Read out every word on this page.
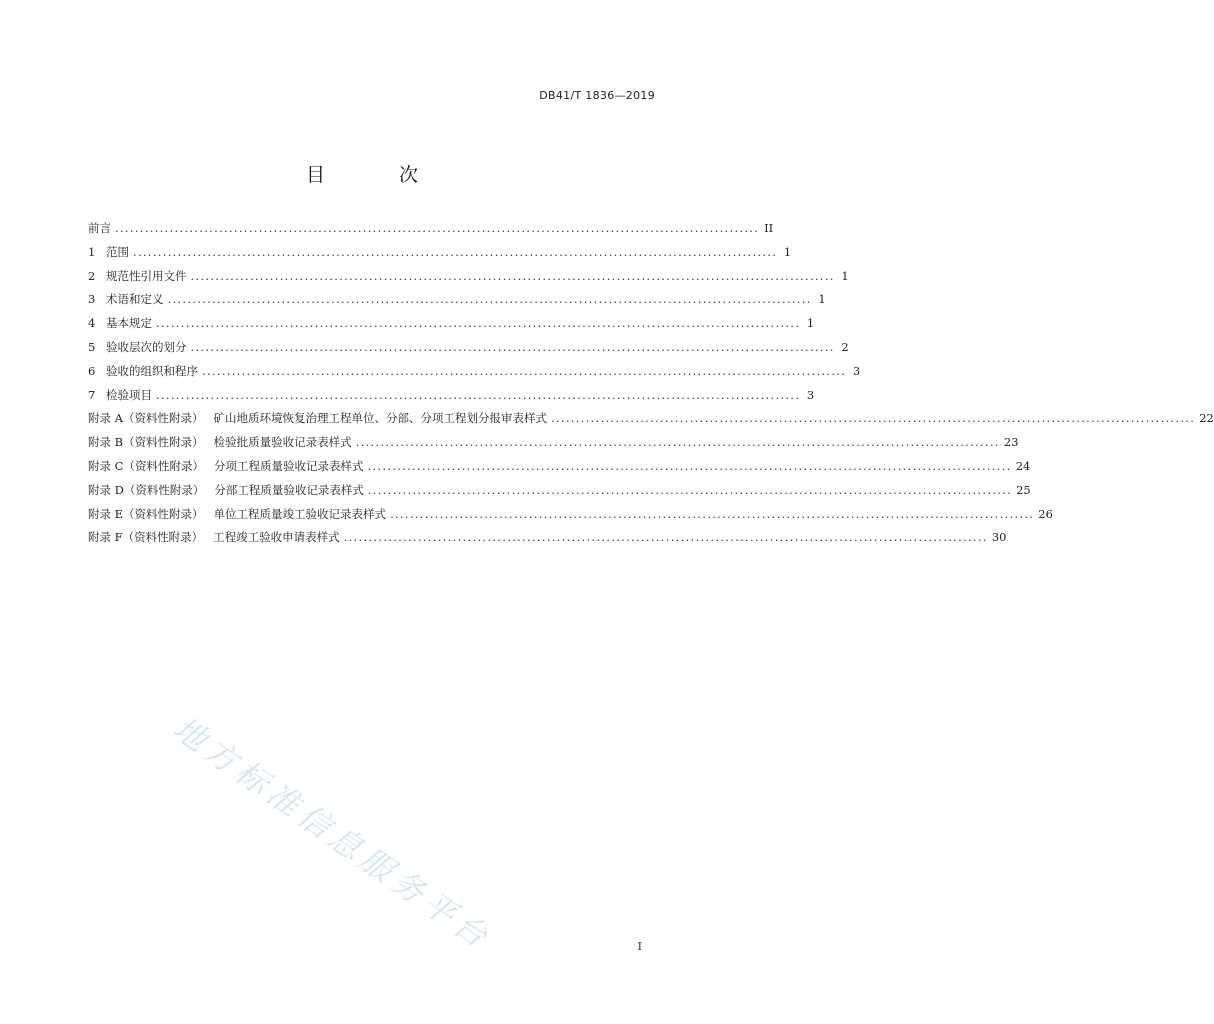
DB41/T 1836—2019
目 次
前言 .................................................................................................................................. II
1 范围 .................................................................................................................................. 1
2 规范性引用文件 .................................................................................................................................. 1
3 术语和定义 .................................................................................................................................. 1
4 基本规定 .................................................................................................................................. 1
5 验收层次的划分 .................................................................................................................................. 2
6 验收的组织和程序 .................................................................................................................................. 3
7 检验项目 .................................................................................................................................. 3
附录 A（资料性附录） 矿山地质环境恢复治理工程单位、分部、分项工程划分报审表样式 .................................................................................................................................. 22
附录 B（资料性附录） 检验批质量验收记录表样式 .................................................................................................................................. 23
附录 C（资料性附录） 分项工程质量验收记录表样式 .................................................................................................................................. 24
附录 D（资料性附录） 分部工程质量验收记录表样式 .................................................................................................................................. 25
附录 E（资料性附录） 单位工程质量竣工验收记录表样式 .................................................................................................................................. 26
附录 F（资料性附录） 工程竣工验收申请表样式 .................................................................................................................................. 30
地方标准信息服务平台	I
